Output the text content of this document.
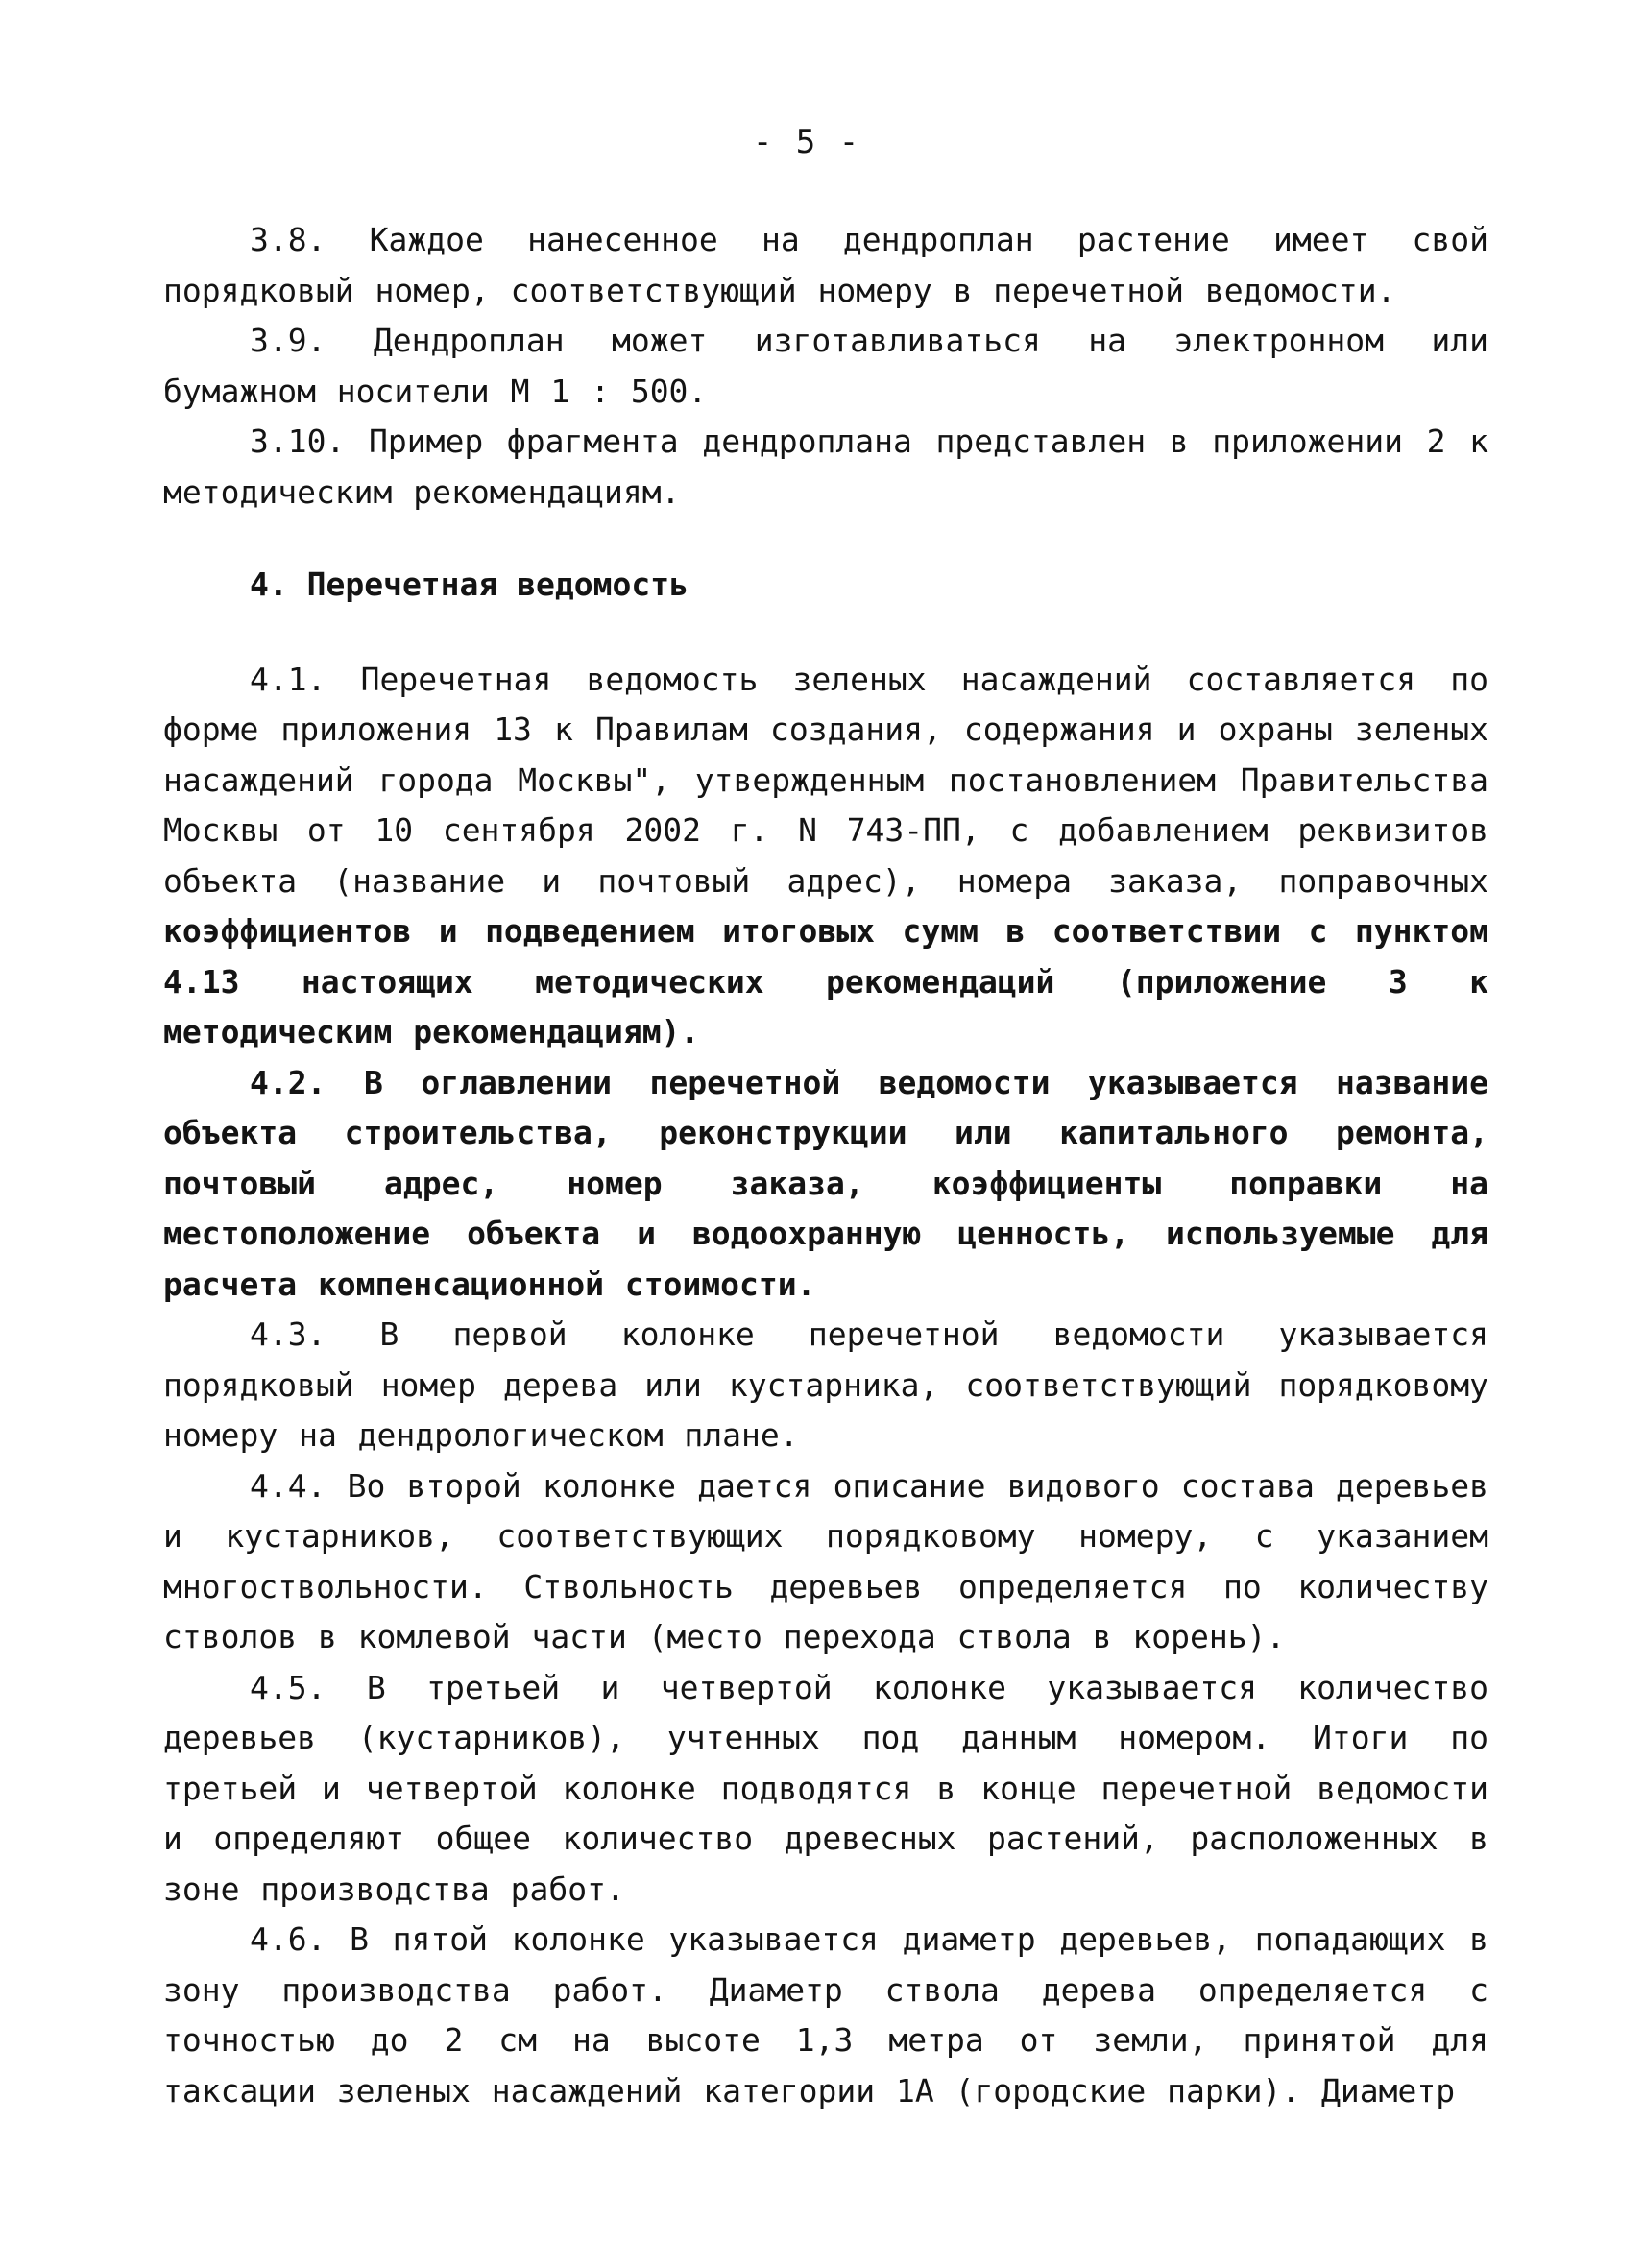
- 5 -

3.8. Каждое нанесенное на дендроплан растение имеет свой порядковый номер, соответствующий номеру в перечетной ведомости.

3.9. Дендроплан может изготавливаться на электронном или бумажном носители М 1 : 500.

3.10. Пример фрагмента дендроплана представлен в приложении 2 к методическим рекомендациям.

4. Перечетная ведомость

4.1. Перечетная ведомость зеленых насаждений составляется по форме приложения 13 к Правилам создания, содержания и охраны зеленых насаждений города Москвы", утвержденным постановлением Правительства Москвы от 10 сентября 2002 г. N 743-ПП, с добавлением реквизитов объекта (название и почтовый адрес), номера заказа, поправочных коэффициентов и подведением итоговых сумм в соответствии с пунктом 4.13 настоящих методических рекомендаций (приложение 3 к методическим рекомендациям).

4.2. В оглавлении перечетной ведомости указывается название объекта строительства, реконструкции или капитального ремонта, почтовый адрес, номер заказа, коэффициенты поправки на местоположение объекта и водоохранную ценность, используемые для расчета компенсационной стоимости.

4.3. В первой колонке перечетной ведомости указывается порядковый номер дерева или кустарника, соответствующий порядковому номеру на дендрологическом плане.

4.4. Во второй колонке дается описание видового состава деревьев и кустарников, соответствующих порядковому номеру, с указанием многоствольности. Ствольность деревьев определяется по количеству стволов в комлевой части (место перехода ствола в корень).

4.5. В третьей и четвертой колонке указывается количество деревьев (кустарников), учтенных под данным номером. Итоги по третьей и четвертой колонке подводятся в конце перечетной ведомости и определяют общее количество древесных растений, расположенных в зоне производства работ.

4.6. В пятой колонке указывается диаметр деревьев, попадающих в зону производства работ. Диаметр ствола дерева определяется с точностью до 2 см на высоте 1,3 метра от земли, принятой для таксации зеленых насаждений категории 1А (городские парки). Диаметр
